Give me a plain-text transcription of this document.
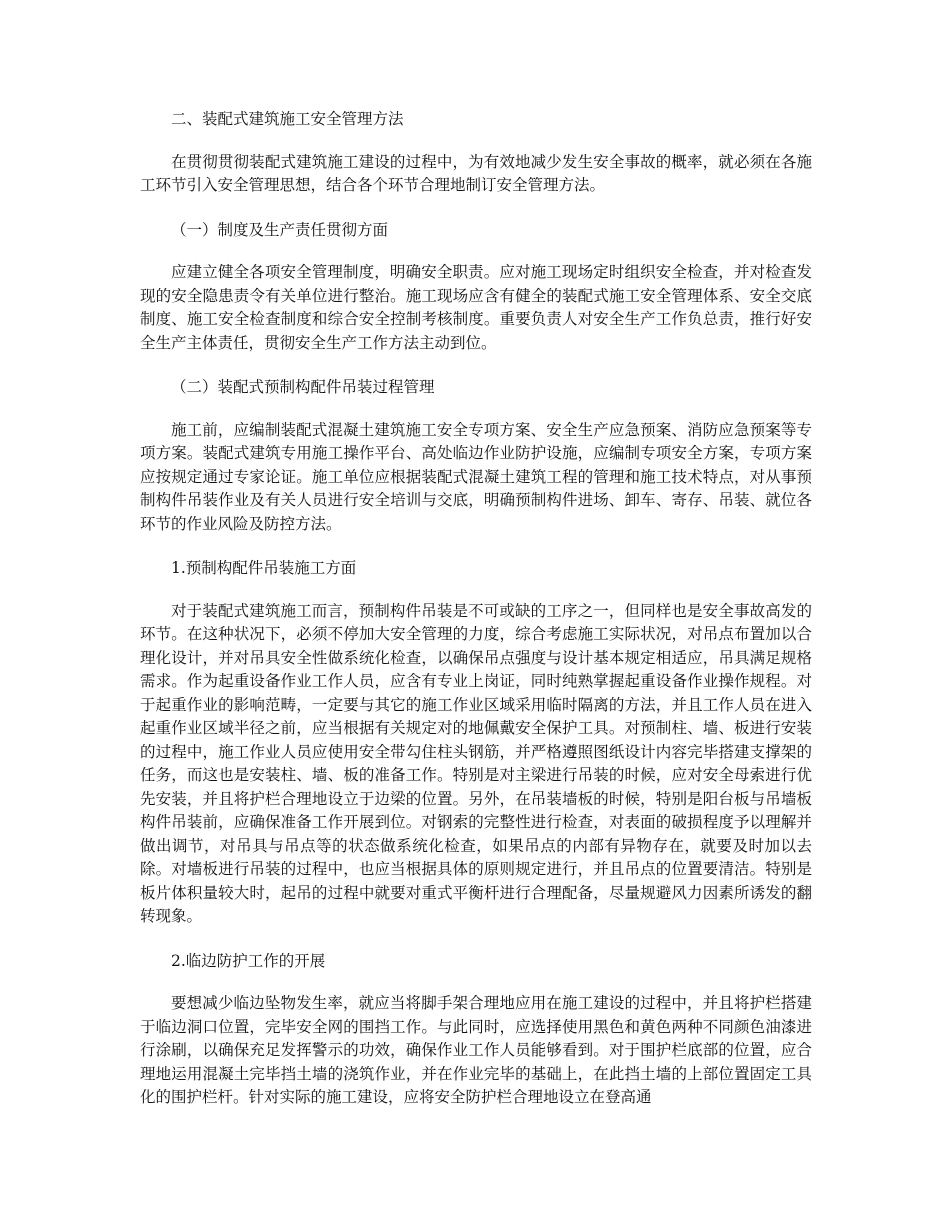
二、装配式建筑施工安全管理方法

在贯彻贯彻装配式建筑施工建设的过程中，为有效地减少发生安全事故的概率，就必须在各施工环节引入安全管理思想，结合各个环节合理地制订安全管理方法。

（一）制度及生产责任贯彻方面

应建立健全各项安全管理制度，明确安全职责。应对施工现场定时组织安全检查，并对检查发现的安全隐患责令有关单位进行整治。施工现场应含有健全的装配式施工安全管理体系、安全交底制度、施工安全检查制度和综合安全控制考核制度。重要负责人对安全生产工作负总责，推行好安全生产主体责任，贯彻安全生产工作方法主动到位。

（二）装配式预制构配件吊装过程管理

施工前，应编制装配式混凝土建筑施工安全专项方案、安全生产应急预案、消防应急预案等专项方案。装配式建筑专用施工操作平台、高处临边作业防护设施，应编制专项安全方案，专项方案应按规定通过专家论证。施工单位应根据装配式混凝土建筑工程的管理和施工技术特点，对从事预制构件吊装作业及有关人员进行安全培训与交底，明确预制构件进场、卸车、寄存、吊装、就位各环节的作业风险及防控方法。

1.预制构配件吊装施工方面

对于装配式建筑施工而言，预制构件吊装是不可或缺的工序之一，但同样也是安全事故高发的环节。在这种状况下，必须不停加大安全管理的力度，综合考虑施工实际状况，对吊点布置加以合理化设计，并对吊具安全性做系统化检查，以确保吊点强度与设计基本规定相适应，吊具满足规格需求。作为起重设备作业工作人员，应含有专业上岗证，同时纯熟掌握起重设备作业操作规程。对于起重作业的影响范畴，一定要与其它的施工作业区域采用临时隔离的方法，并且工作人员在进入起重作业区域半径之前，应当根据有关规定对的地佩戴安全保护工具。对预制柱、墙、板进行安装的过程中，施工作业人员应使用安全带勾住柱头钢筋，并严格遵照图纸设计内容完毕搭建支撑架的任务，而这也是安装柱、墙、板的准备工作。特别是对主梁进行吊装的时候，应对安全母索进行优先安装，并且将护栏合理地设立于边梁的位置。另外，在吊装墙板的时候，特别是阳台板与吊墙板构件吊装前，应确保准备工作开展到位。对钢索的完整性进行检查，对表面的破损程度予以理解并做出调节，对吊具与吊点等的状态做系统化检查，如果吊点的内部有异物存在，就要及时加以去除。对墙板进行吊装的过程中，也应当根据具体的原则规定进行，并且吊点的位置要清洁。特别是板片体积量较大时，起吊的过程中就要对重式平衡杆进行合理配备，尽量规避风力因素所诱发的翻转现象。

2.临边防护工作的开展

要想减少临边坠物发生率，就应当将脚手架合理地应用在施工建设的过程中，并且将护栏搭建于临边洞口位置，完毕安全网的围挡工作。与此同时，应选择使用黑色和黄色两种不同颜色油漆进行涂刷，以确保充足发挥警示的功效，确保作业工作人员能够看到。对于围护栏底部的位置，应合理地运用混凝土完毕挡土墙的浇筑作业，并在作业完毕的基础上，在此挡土墙的上部位置固定工具化的围护栏杆。针对实际的施工建设，应将安全防护栏合理地设立在登高通
